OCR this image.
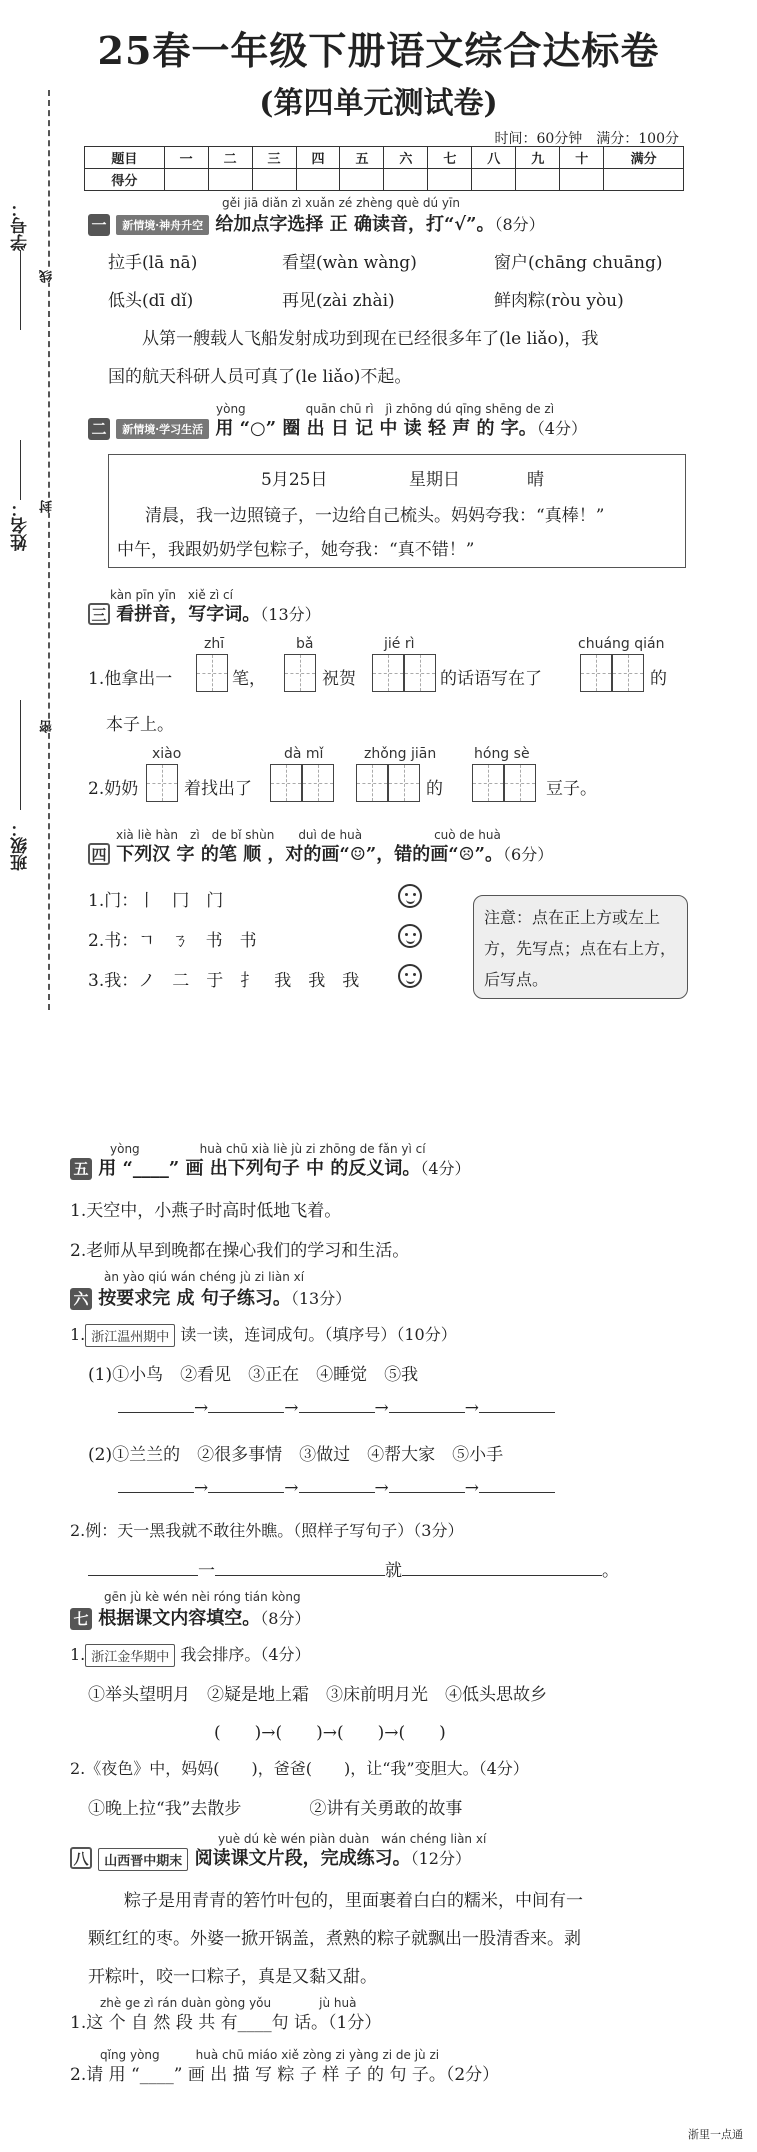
学号：
线
姓名： 封
班级：
密
25春一年级下册语文综合达标卷
(第四单元测试卷)
时间：60分钟　满分：100分
题目	一	二	三	四	五	六	七	八	九	十	满分
得分											
gěi jiā diǎn zì xuǎn zé zhèng què dú yīn
一 新情境·神舟升空 给加点字选择 正 确读音，打“√”。（8分）
拉手(lā nā)	看望(wàn wàng)	窗户(chāng chuāng)
低头(dī dǐ)	再见(zài zhài)	鲜肉粽(ròu yòu)
从第一艘载人飞船发射成功到现在已经很多年了(le liǎo)，我
国的航天科研人员可真了(le liǎo)不起。
yòng　　　　　quān chū rì　jì zhōng dú qīng shēng de zì
二 新情境·学习生活 用 “○” 圈 出 日 记 中 读 轻 声 的 字。（4分）
5月25日	星期日	晴
清晨，我一边照镜子，一边给自己梳头。妈妈夸我：“真棒！”
中午，我跟奶奶学包粽子，她夸我：“真不错！”
kàn pīn yīn　xiě zì cí
三 看拼音，写字词。（13分）
zhī	bǎ	jié rì	chuáng qián
1.他拿出一	笔，	祝贺	的话语写在了	的
本子上。
xiào	dà mǐ	zhǒng jiān	hóng sè
2.奶奶	着找出了	的	豆子。
xià liè hàn　zì　de bǐ shùn　　duì de huà　　　　　　cuò de huà
四 下列汉 字 的笔 顺 ，对的画“☺”，错的画“☹”。（6分）
1.门：丨　冂　门
2.书：ㄱ　ㄋ　书　书
3.我：ノ　二　于　扌　我　我　我
注意：点在正上方或左上方，先写点；点在右上方，后写点。
yòng　　　　　huà chū xià liè jù zi zhōng de fǎn yì cí
五 用 “____” 画 出下列句子 中 的反义词。（4分）
1.天空中，小燕子时高时低地飞着。
2.老师从早到晚都在操心我们的学习和生活。
àn yào qiú wán chéng jù zi liàn xí
六 按要求完 成 句子练习。（13分）
1. 浙江温州期中 读一读，连词成句。（填序号）（10分）
(1)①小鸟　②看见　③正在　④睡觉　⑤我
→	→	→	→
(2)①兰兰的　②很多事情　③做过　④帮大家　⑤小手
→	→	→	→
2.例：天一黑我就不敢往外瞧。（照样子写句子）（3分）
一	就	。
gēn jù kè wén nèi róng tián kòng
七 根据课文内容填空。（8分）
1. 浙江金华期中 我会排序。（4分）
①举头望明月　②疑是地上霜　③床前明月光　④低头思故乡
(　　)→(　　)→(　　)→(　　)
2.《夜色》中，妈妈(　　)，爸爸(　　)，让“我”变胆大。（4分）
①晚上拉“我”去散步　　　　②讲有关勇敢的故事
yuè dú kè wén piàn duàn　wán chéng liàn xí
八 山西晋中期末 阅读课文片段，完成练习。（12分）
粽子是用青青的箬竹叶包的，里面裹着白白的糯米，中间有一
颗红红的枣。外婆一掀开锅盖，煮熟的粽子就飘出一股清香来。剥
开粽叶，咬一口粽子，真是又黏又甜。
zhè ge zì rán duàn gòng yǒu　　　　jù huà
1.这 个 自 然 段 共 有____句 话。（1分）
qǐng yòng　　　huà chū miáo xiě zòng zi yàng zi de jù zi
2.请 用 “____” 画 出 描 写 粽 子 样 子 的 句 子。（2分）
浙里一点通
